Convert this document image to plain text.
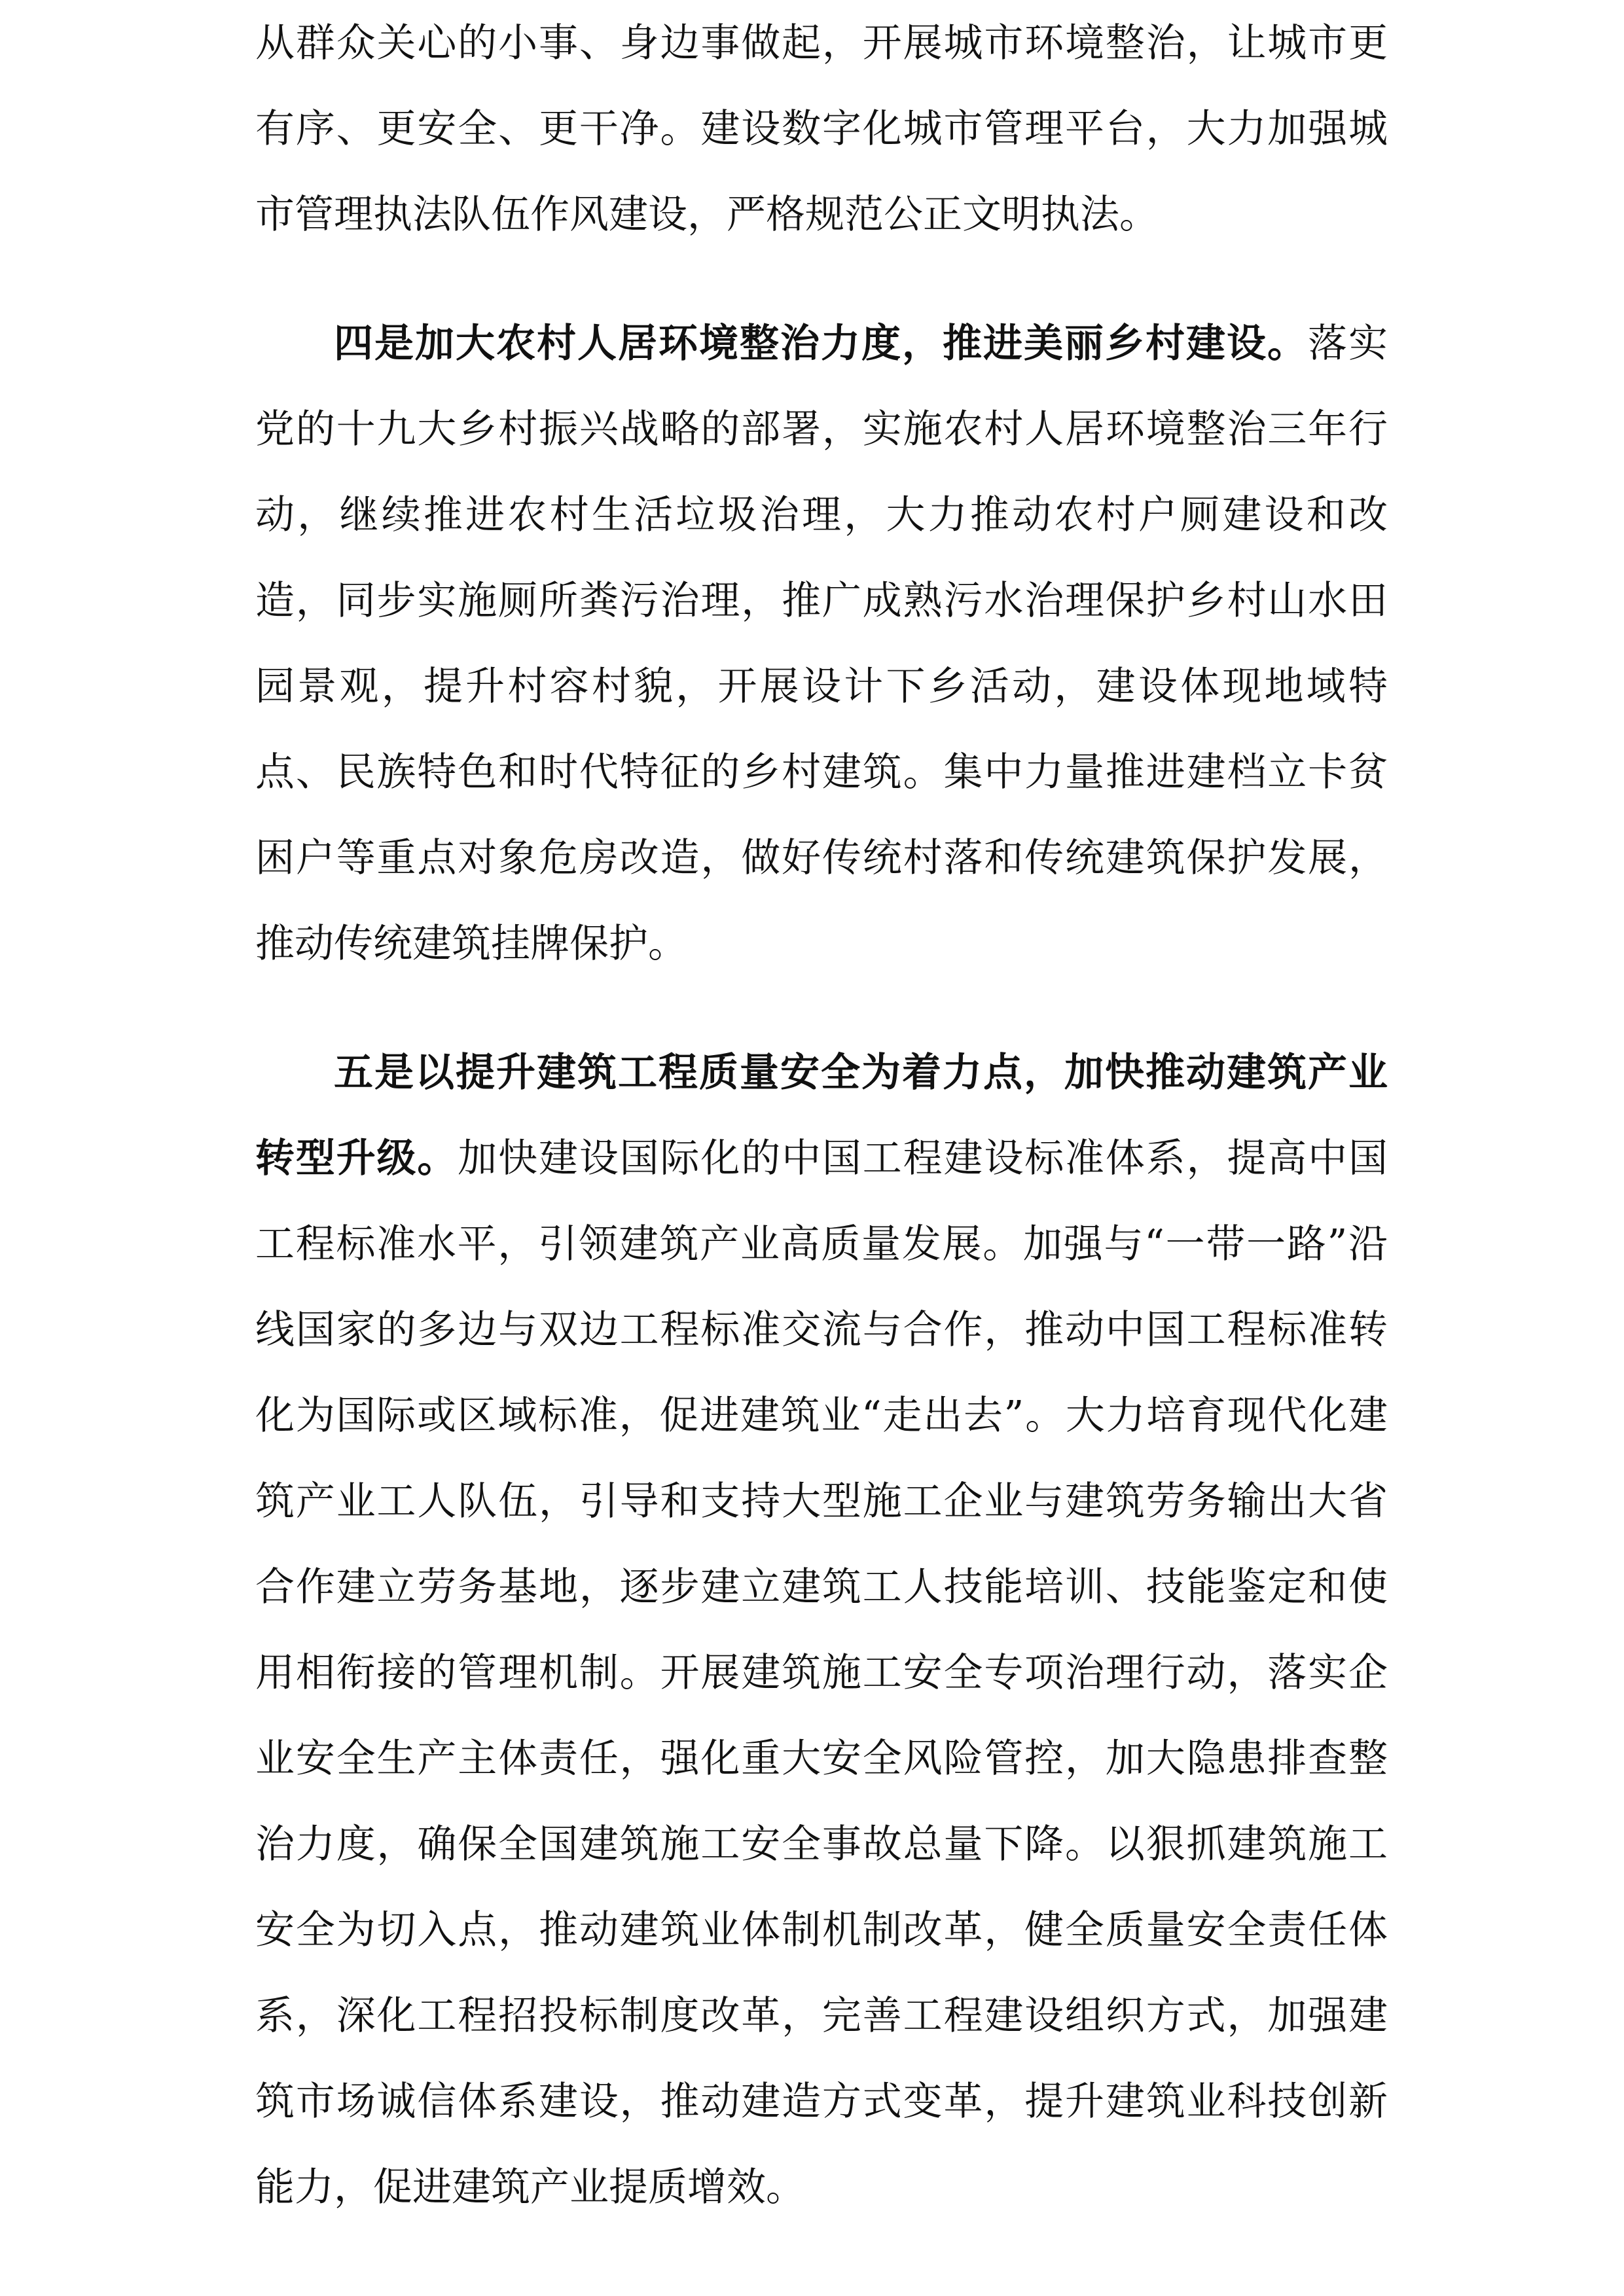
从群众关心的小事、身边事做起，开展城市环境整治，让城市更有序、更安全、更干净。建设数字化城市管理平台，大力加强城市管理执法队伍作风建设，严格规范公正文明执法。

四是加大农村人居环境整治力度，推进美丽乡村建设。落实党的十九大乡村振兴战略的部署，实施农村人居环境整治三年行动，继续推进农村生活垃圾治理，大力推动农村户厕建设和改造，同步实施厕所粪污治理，推广成熟污水治理保护乡村山水田园景观，提升村容村貌，开展设计下乡活动，建设体现地域特点、民族特色和时代特征的乡村建筑。集中力量推进建档立卡贫困户等重点对象危房改造，做好传统村落和传统建筑保护发展，推动传统建筑挂牌保护。

五是以提升建筑工程质量安全为着力点，加快推动建筑产业转型升级。加快建设国际化的中国工程建设标准体系，提高中国工程标准水平，引领建筑产业高质量发展。加强与“一带一路”沿线国家的多边与双边工程标准交流与合作，推动中国工程标准转化为国际或区域标准，促进建筑业“走出去”。大力培育现代化建筑产业工人队伍，引导和支持大型施工企业与建筑劳务输出大省合作建立劳务基地，逐步建立建筑工人技能培训、技能鉴定和使用相衔接的管理机制。开展建筑施工安全专项治理行动，落实企业安全生产主体责任，强化重大安全风险管控，加大隐患排查整治力度，确保全国建筑施工安全事故总量下降。以狠抓建筑施工安全为切入点，推动建筑业体制机制改革，健全质量安全责任体系，深化工程招投标制度改革，完善工程建设组织方式，加强建筑市场诚信体系建设，推动建造方式变革，提升建筑业科技创新能力，促进建筑产业提质增效。
